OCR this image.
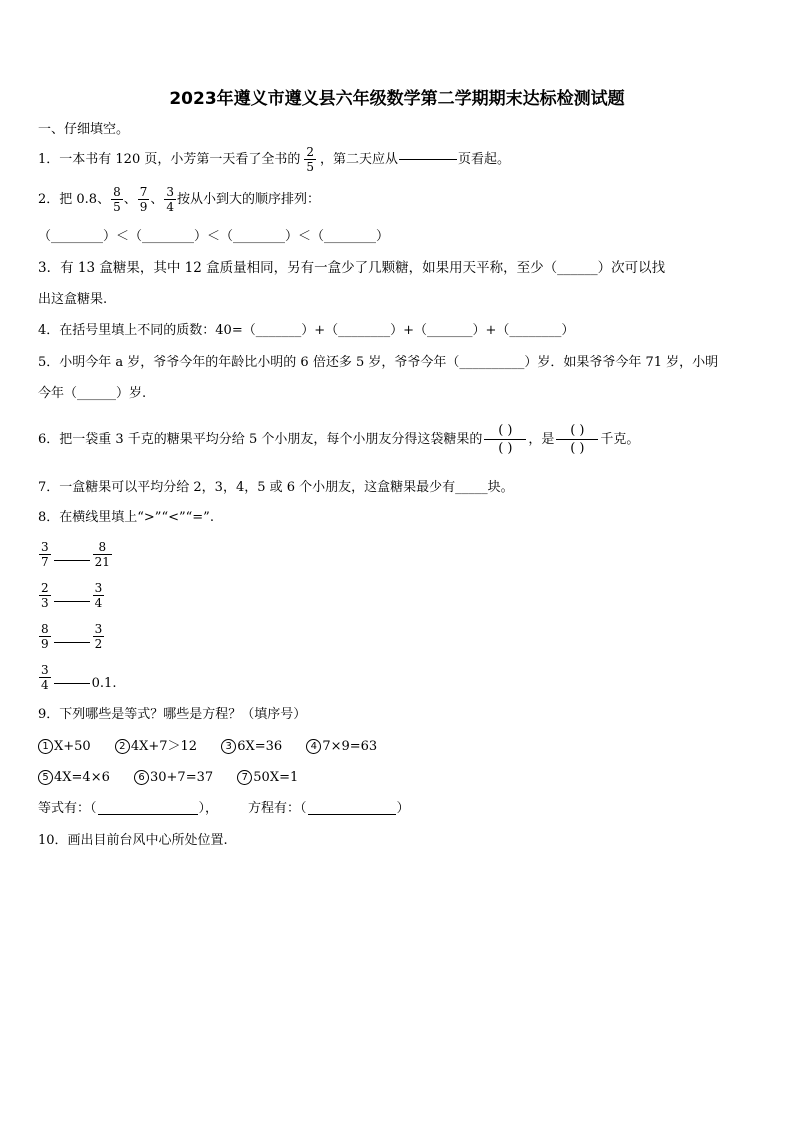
2023年遵义市遵义县六年级数学第二学期期末达标检测试题
一、仔细填空。
1．一本书有 120 页，小芳第一天看了全书的 $\frac{2}{5}$ ，第二天应从	页看起。
2．把 0.8、 $\frac{8}{5}$ 、 $\frac{7}{9}$ 、 $\frac{3}{4}$ 按从小到大的顺序排列：
（________）＜（________）＜（________）＜（________）
3．有 13 盒糖果，其中 12 盒质量相同，另有一盒少了几颗糖，如果用天平称，至少（______）次可以找
出这盒糖果.
4．在括号里填上不同的质数：40=（_______）+（________）+（_______）+（________）
5．小明今年 a 岁，爷爷今年的年龄比小明的 6 倍还多 5 岁，爷爷今年（__________）岁．如果爷爷今年 71 岁，小明
今年（______）岁.
6．把一袋重 3 千克的糖果平均分给 5 个小朋友，每个小朋友分得这袋糖果的 $\frac{( )}{( )}$ ，是 $\frac{( )}{( )}$ 千克。
7．一盒糖果可以平均分给 2，3，4，5 或 6 个小朋友，这盒糖果最少有_____块。
8．在横线里填上“>”“<”“=”.
$\frac{3}{7}$	$\frac{8}{21}$
$\frac{2}{3}$	$\frac{3}{4}$
$\frac{8}{9}$	$\frac{3}{2}$
$\frac{3}{4}$	0.1.
9．下列哪些是等式？哪些是方程？（填序号）
1 X+50	2 4X+7＞12	3 6X=36	4 7×9=63
5 4X=4×6	6 30+7=37	7 50X=1
等式有：（	）， 方程有：（	）
10．画出目前台风中心所处位置.
